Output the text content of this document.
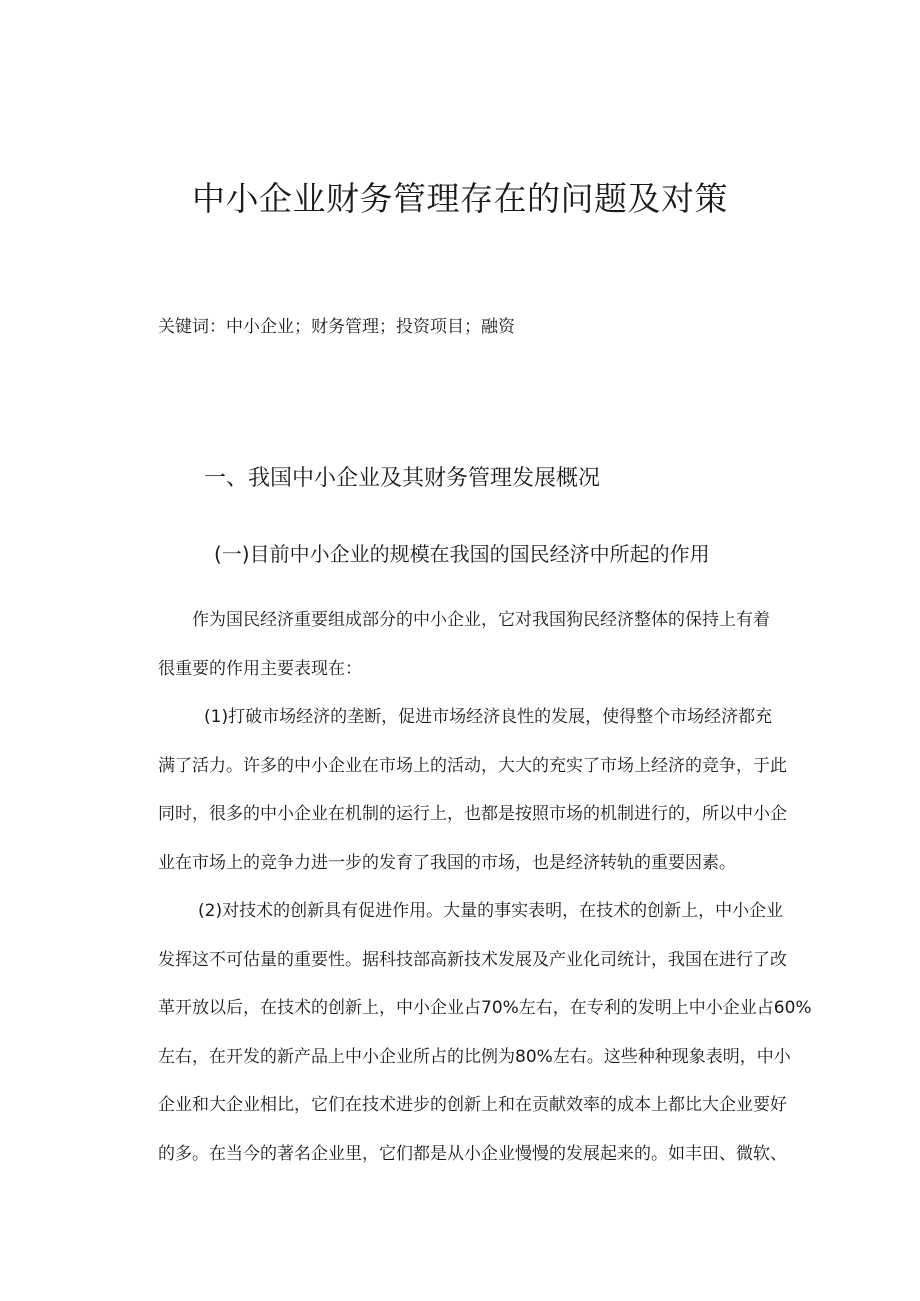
中小企业财务管理存在的问题及对策

关键词：中小企业；财务管理；投资项目；融资

一、我国中小企业及其财务管理发展概况
(一)目前中小企业的规模在我国的国民经济中所起的作用
作为国民经济重要组成部分的中小企业，它对我国狗民经济整体的保持上有着
很重要的作用主要表现在：
(1)打破市场经济的垄断，促进市场经济良性的发展，使得整个市场经济都充
满了活力。许多的中小企业在市场上的活动，大大的充实了市场上经济的竞争，于此
同时，很多的中小企业在机制的运行上，也都是按照市场的机制进行的，所以中小企
业在市场上的竞争力进一步的发育了我国的市场，也是经济转轨的重要因素。
(2)对技术的创新具有促进作用。大量的事实表明，在技术的创新上，中小企业
发挥这不可估量的重要性。据科技部高新技术发展及产业化司统计，我国在进行了改
革开放以后，在技术的创新上，中小企业占70%左右，在专利的发明上中小企业占60%
左右，在开发的新产品上中小企业所占的比例为80%左右。这些种种现象表明，中小
企业和大企业相比，它们在技术进步的创新上和在贡献效率的成本上都比大企业要好
的多。在当今的著名企业里，它们都是从小企业慢慢的发展起来的。如丰田、微软、
